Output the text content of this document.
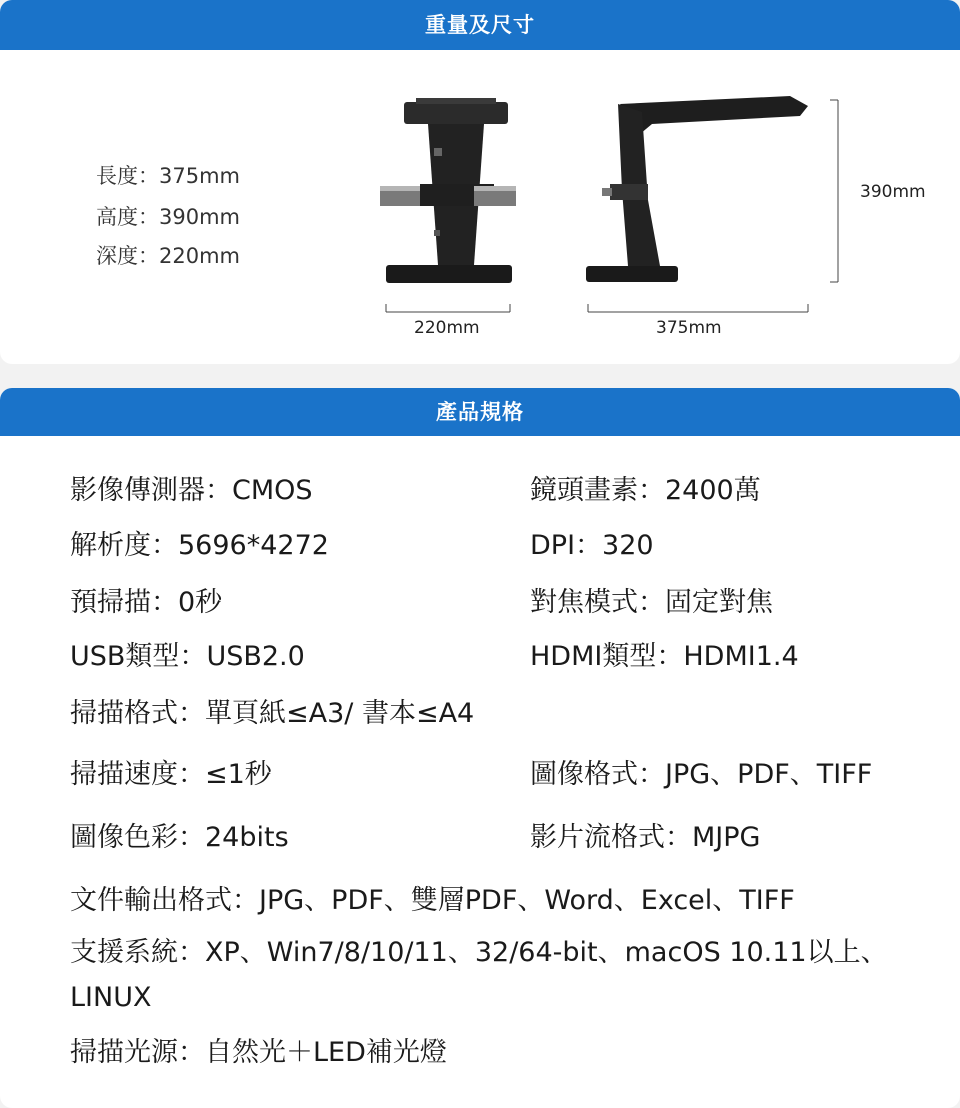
重量及尺寸
長度：375mm
高度：390mm
深度：220mm
390mm
220mm	375mm
產品規格
影像傳測器：CMOS	鏡頭畫素：2400萬
解析度：5696*4272	DPI：320
預掃描：0秒	對焦模式：固定對焦
USB類型：USB2.0	HDMI類型：HDMI1.4
掃描格式：單頁紙≤A3/ 書本≤A4
掃描速度：≤1秒	圖像格式：JPG、PDF、TIFF
圖像色彩：24bits	影片流格式：MJPG
文件輸出格式：JPG、PDF、雙層PDF、Word、Excel、TIFF
支援系統：XP、Win7/8/10/11、32/64-bit、macOS 10.11以上、LINUX
掃描光源：自然光＋LED補光燈
